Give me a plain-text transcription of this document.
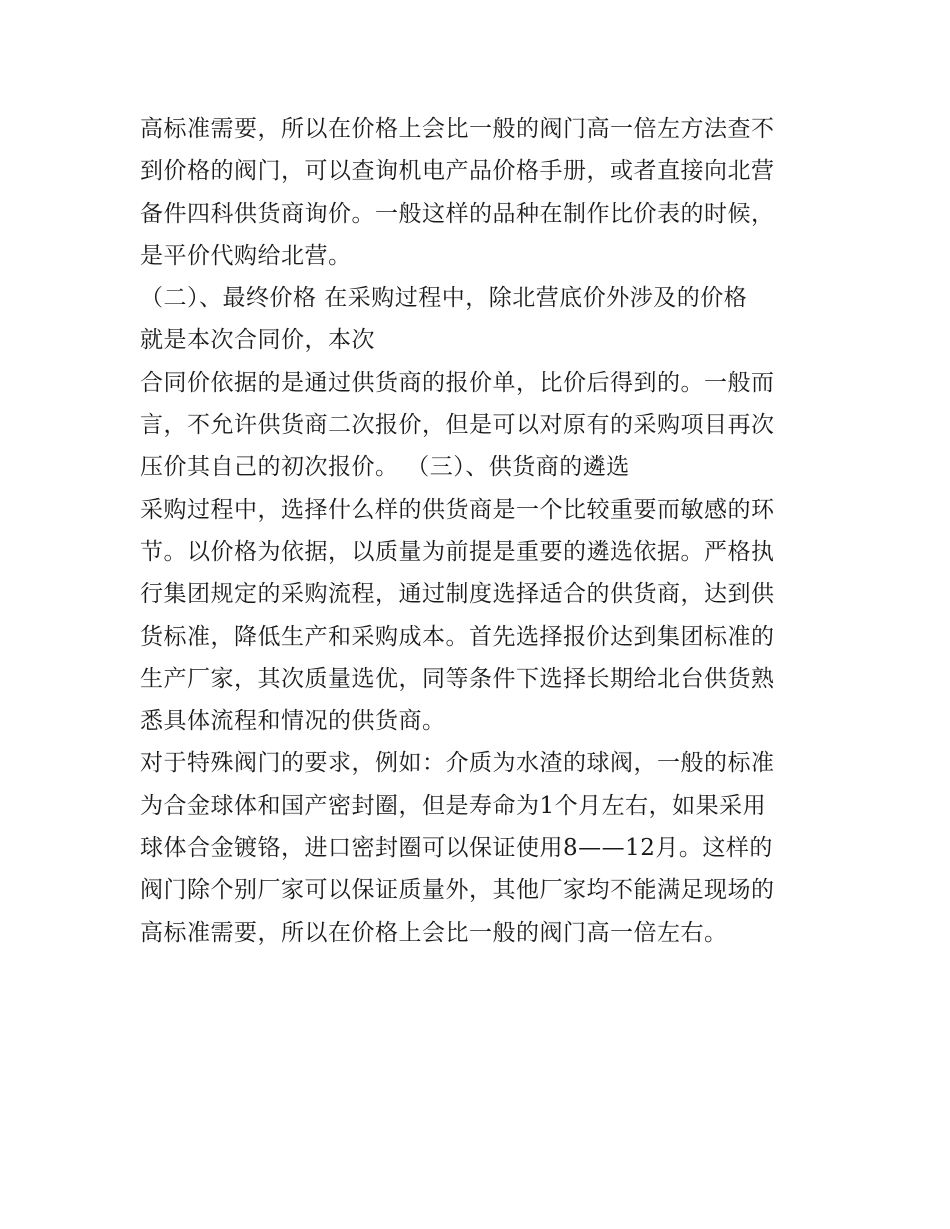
高标准需要，所以在价格上会比一般的阀门高一倍左方法查不
到价格的阀门，可以查询机电产品价格手册，或者直接向北营
备件四科供货商询价。一般这样的品种在制作比价表的时候，
是平价代购给北营。
（二）、最终价格 在采购过程中，除北营底价外涉及的价格
就是本次合同价，本次
合同价依据的是通过供货商的报价单，比价后得到的。一般而
言，不允许供货商二次报价，但是可以对原有的采购项目再次
压价其自己的初次报价。 （三）、供货商的遴选
采购过程中，选择什么样的供货商是一个比较重要而敏感的环
节。以价格为依据，以质量为前提是重要的遴选依据。严格执
行集团规定的采购流程，通过制度选择适合的供货商，达到供
货标准，降低生产和采购成本。首先选择报价达到集团标准的
生产厂家，其次质量选优，同等条件下选择长期给北台供货熟
悉具体流程和情况的供货商。
对于特殊阀门的要求，例如：介质为水渣的球阀，一般的标准
为合金球体和国产密封圈，但是寿命为1个月左右，如果采用
球体合金镀铬，进口密封圈可以保证使用8——12月。这样的
阀门除个别厂家可以保证质量外，其他厂家均不能满足现场的
高标准需要，所以在价格上会比一般的阀门高一倍左右。
